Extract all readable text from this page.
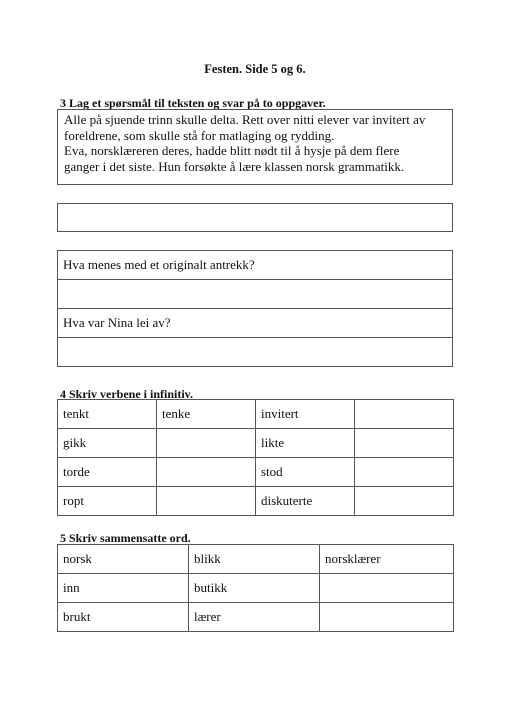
Festen. Side 5 og 6.
3 Lag et spørsmål til teksten og svar på to oppgaver.
Alle på sjuende trinn skulle delta. Rett over nitti elever var invitert av
foreldrene, som skulle stå for matlaging og rydding.
Eva, norsklæreren deres, hadde blitt nødt til å hysje på dem flere
ganger i det siste. Hun forsøkte å lære klassen norsk grammatikk.
Hva menes med et originalt antrekk?

Hva var Nina lei av?

4 Skriv verbene i infinitiv.
tenkt	tenke	invitert	
gikk		likte	
torde		stod	
ropt		diskuterte	
5 Skriv sammensatte ord.
norsk	blikk	norsklærer
inn	butikk	
brukt	lærer	
